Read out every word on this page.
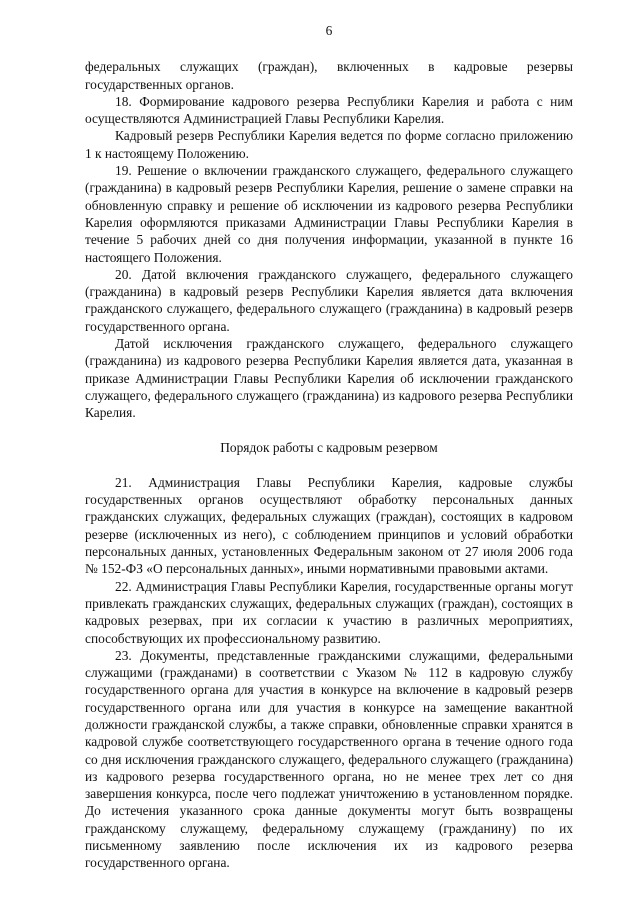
6

федеральных служащих (граждан), включенных в кадровые резервы государственных органов.

18. Формирование кадрового резерва Республики Карелия и работа с ним осуществляются Администрацией Главы Республики Карелия.

Кадровый резерв Республики Карелия ведется по форме согласно приложению 1 к настоящему Положению.

19. Решение о включении гражданского служащего, федерального служащего (гражданина) в кадровый резерв Республики Карелия, решение о замене справки на обновленную справку и решение об исключении из кадрового резерва Республики Карелия оформляются приказами Администрации Главы Республики Карелия в течение 5 рабочих дней со дня получения информации, указанной в пункте 16 настоящего Положения.

20. Датой включения гражданского служащего, федерального служащего (гражданина) в кадровый резерв Республики Карелия является дата включения гражданского служащего, федерального служащего (гражданина) в кадровый резерв государственного органа.

Датой исключения гражданского служащего, федерального служащего (гражданина) из кадрового резерва Республики Карелия является дата, указанная в приказе Администрации Главы Республики Карелия об исключении гражданского служащего, федерального служащего (гражданина) из кадрового резерва Республики Карелия.

Порядок работы с кадровым резервом

21. Администрация Главы Республики Карелия, кадровые службы государственных органов осуществляют обработку персональных данных гражданских служащих, федеральных служащих (граждан), состоящих в кадровом резерве (исключенных из него), с соблюдением принципов и условий обработки персональных данных, установленных Федеральным законом от 27 июля 2006 года № 152-ФЗ «О персональных данных», иными нормативными правовыми актами.

22. Администрация Главы Республики Карелия, государственные органы могут привлекать гражданских служащих, федеральных служащих (граждан), состоящих в кадровых резервах, при их согласии к участию в различных мероприятиях, способствующих их профессиональному развитию.

23. Документы, представленные гражданскими служащими, федеральными служащими (гражданами) в соответствии с Указом № 112 в кадровую службу государственного органа для участия в конкурсе на включение в кадровый резерв государственного органа или для участия в конкурсе на замещение вакантной должности гражданской службы, а также справки, обновленные справки хранятся в кадровой службе соответствующего государственного органа в течение одного года со дня исключения гражданского служащего, федерального служащего (гражданина) из кадрового резерва государственного органа, но не менее трех лет со дня завершения конкурса, после чего подлежат уничтожению в установленном порядке. До истечения указанного срока данные документы могут быть возвращены гражданскому служащему, федеральному служащему (гражданину) по их письменному заявлению после исключения их из кадрового резерва государственного органа.
